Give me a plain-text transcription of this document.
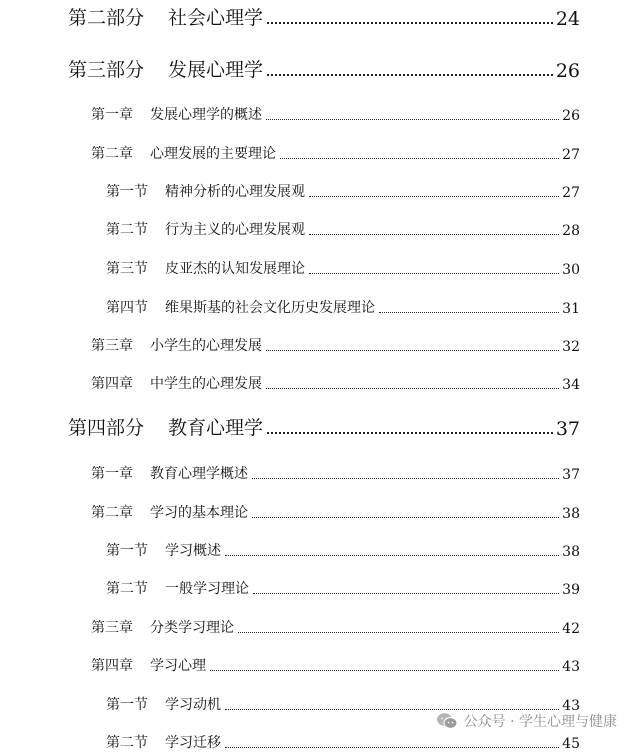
第二部分	社会心理学	24
第三部分	发展心理学	26
第一章	发展心理学的概述	26
第二章	心理发展的主要理论	27
第一节	精神分析的心理发展观	27
第二节	行为主义的心理发展观	28
第三节	皮亚杰的认知发展理论	30
第四节	维果斯基的社会文化历史发展理论	31
第三章	小学生的心理发展	32
第四章	中学生的心理发展	34
第四部分	教育心理学	37
第一章	教育心理学概述	37
第二章	学习的基本理论	38
第一节	学习概述	38
第二节	一般学习理论	39
第三章	分类学习理论	42
第四章	学习心理	43
第一节	学习动机	43
第二节	学习迁移	45
公众号 · 学生心理与健康
